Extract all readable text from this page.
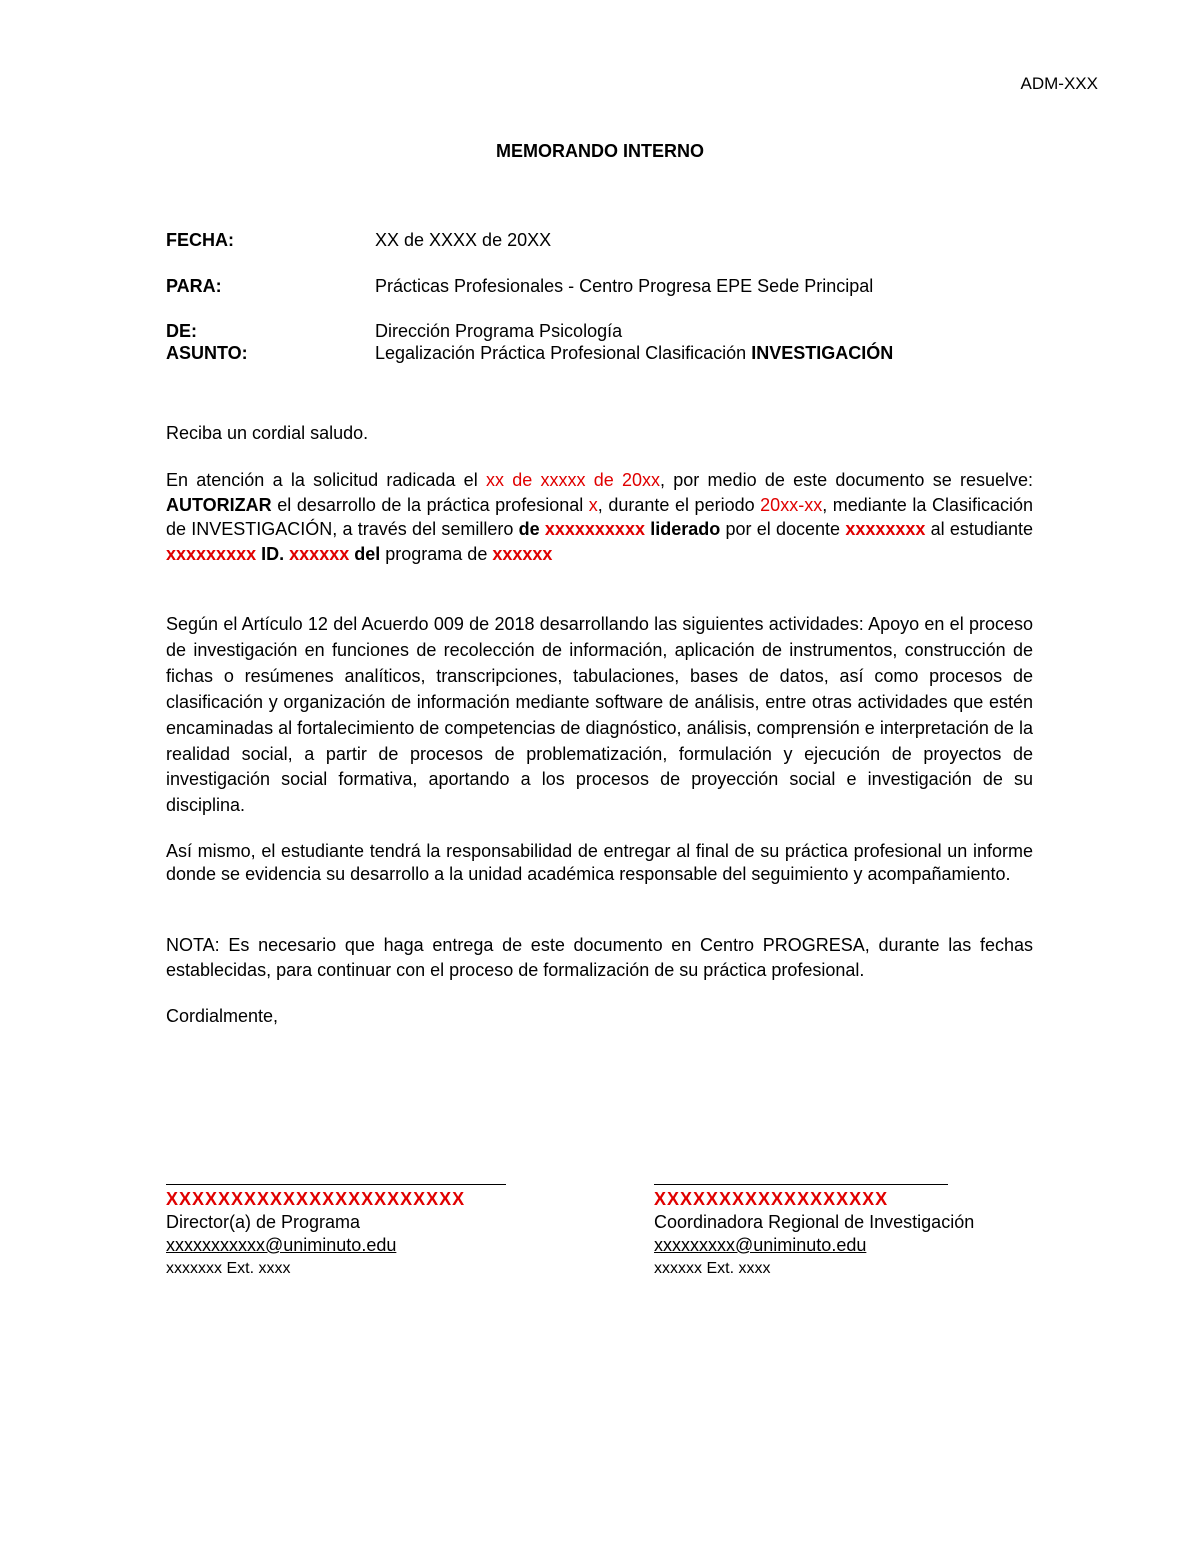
ADM-XXX
MEMORANDO INTERNO
FECHA:	XX de XXXX de 20XX
PARA:	Prácticas Profesionales - Centro Progresa EPE Sede Principal
DE:	Dirección Programa Psicología
ASUNTO:	Legalización Práctica Profesional Clasificación INVESTIGACIÓN
Reciba un cordial saludo.
En atención a la solicitud radicada el xx de xxxxx de 20xx, por medio de este documento se resuelve: AUTORIZAR el desarrollo de la práctica profesional x, durante el periodo 20xx-xx, mediante la Clasificación de INVESTIGACIÓN, a través del semillero de xxxxxxxxxx liderado por el docente xxxxxxxx al estudiante xxxxxxxxx ID. xxxxxx del programa de xxxxxx
Según el Artículo 12 del Acuerdo 009 de 2018 desarrollando las siguientes actividades: Apoyo en el proceso de investigación en funciones de recolección de información, aplicación de instrumentos, construcción de fichas o resúmenes analíticos, transcripciones, tabulaciones, bases de datos, así como procesos de clasificación y organización de información mediante software de análisis, entre otras actividades que estén encaminadas al fortalecimiento de competencias de diagnóstico, análisis, comprensión e interpretación de la realidad social, a partir de procesos de problematización, formulación y ejecución de proyectos de investigación social formativa, aportando a los procesos de proyección social e investigación de su disciplina.
Así mismo, el estudiante tendrá la responsabilidad de entregar al final de su práctica profesional un informe donde se evidencia su desarrollo a la unidad académica responsable del seguimiento y acompañamiento.
NOTA: Es necesario que haga entrega de este documento en Centro PROGRESA, durante las fechas establecidas, para continuar con el proceso de formalización de su práctica profesional.
Cordialmente,
XXXXXXXXXXXXXXXXXXXXXXX
Director(a) de Programa
xxxxxxxxxxx@uniminuto.edu
xxxxxxx Ext. xxxx
XXXXXXXXXXXXXXXXXX
Coordinadora Regional de Investigación
xxxxxxxxx@uniminuto.edu
xxxxxx Ext. xxxx
